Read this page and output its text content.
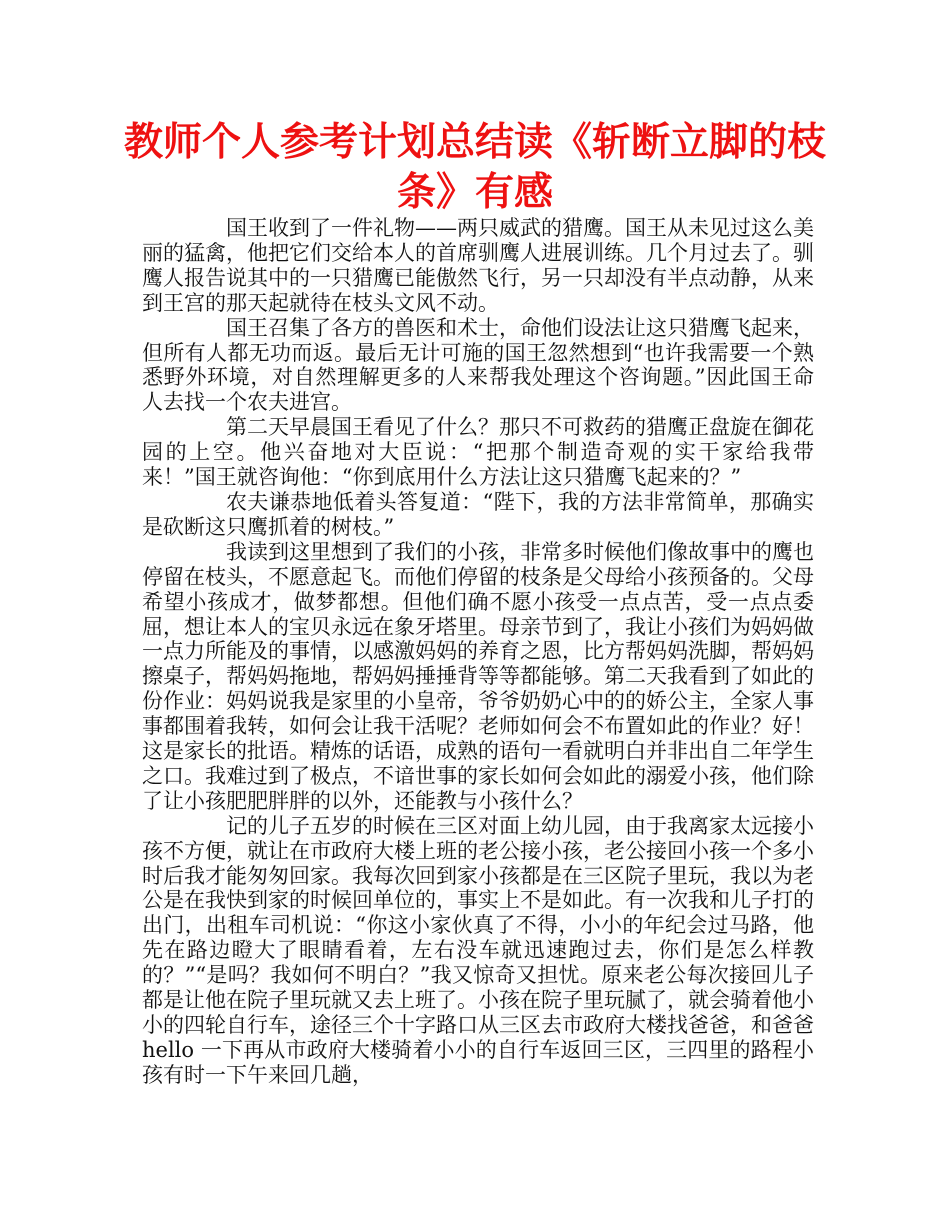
教师个人参考计划总结读《斩断立脚的枝条》有感

国王收到了一件礼物——两只威武的猎鹰。国王从未见过这么美丽的猛禽，他把它们交给本人的首席驯鹰人进展训练。几个月过去了。驯鹰人报告说其中的一只猎鹰已能傲然飞行，另一只却没有半点动静，从来到王宫的那天起就待在枝头文风不动。

国王召集了各方的兽医和术士，命他们设法让这只猎鹰飞起来，但所有人都无功而返。最后无计可施的国王忽然想到“也许我需要一个熟悉野外环境，对自然理解更多的人来帮我处理这个咨询题。”因此国王命人去找一个农夫进宫。

第二天早晨国王看见了什么？那只不可救药的猎鹰正盘旋在御花园的上空。他兴奋地对大臣说：“把那个制造奇观的实干家给我带来！”国王就咨询他：“你到底用什么方法让这只猎鹰飞起来的？”

农夫谦恭地低着头答复道：“陛下，我的方法非常简单，那确实是砍断这只鹰抓着的树枝。”

我读到这里想到了我们的小孩，非常多时候他们像故事中的鹰也停留在枝头，不愿意起飞。而他们停留的枝条是父母给小孩预备的。父母希望小孩成才，做梦都想。但他们确不愿小孩受一点点苦，受一点点委屈，想让本人的宝贝永远在象牙塔里。母亲节到了，我让小孩们为妈妈做一点力所能及的事情，以感激妈妈的养育之恩，比方帮妈妈洗脚，帮妈妈擦桌子，帮妈妈拖地，帮妈妈捶捶背等等都能够。第二天我看到了如此的份作业：妈妈说我是家里的小皇帝，爷爷奶奶心中的的娇公主，全家人事事都围着我转，如何会让我干活呢？老师如何会不布置如此的作业？好！这是家长的批语。精炼的话语，成熟的语句一看就明白并非出自二年学生之口。我难过到了极点，不谙世事的家长如何会如此的溺爱小孩，他们除了让小孩肥肥胖胖的以外，还能教与小孩什么？

记的儿子五岁的时候在三区对面上幼儿园，由于我离家太远接小孩不方便，就让在市政府大楼上班的老公接小孩，老公接回小孩一个多小时后我才能匆匆回家。我每次回到家小孩都是在三区院子里玩，我以为老公是在我快到家的时候回单位的，事实上不是如此。有一次我和儿子打的出门，出租车司机说：“你这小家伙真了不得，小小的年纪会过马路，他先在路边瞪大了眼睛看着，左右没车就迅速跑过去，你们是怎么样教的？”“是吗？我如何不明白？”我又惊奇又担忧。原来老公每次接回儿子都是让他在院子里玩就又去上班了。小孩在院子里玩腻了，就会骑着他小小的四轮自行车，途径三个十字路口从三区去市政府大楼找爸爸，和爸爸 hello 一下再从市政府大楼骑着小小的自行车返回三区，三四里的路程小孩有时一下午来回几趟，
